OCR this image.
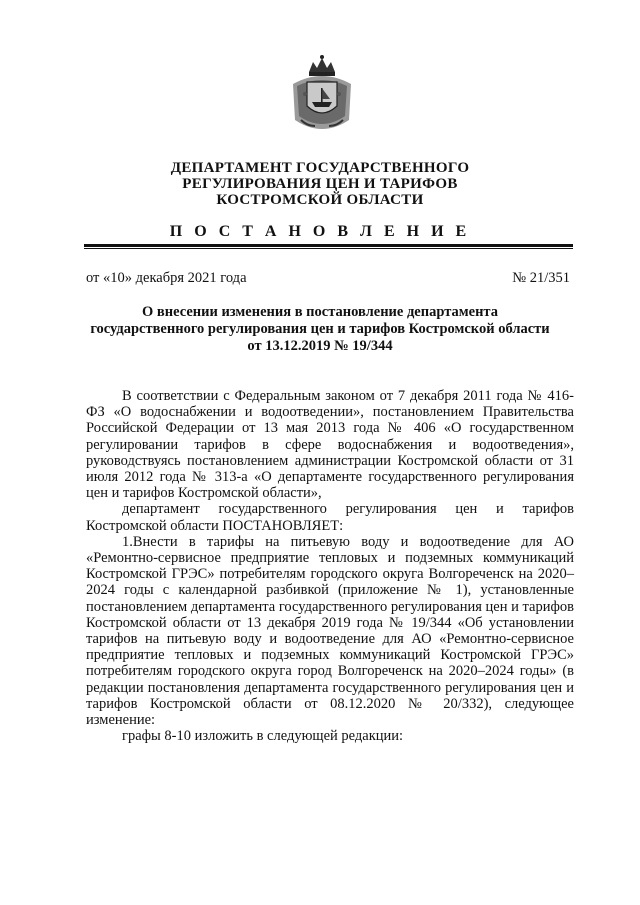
ДЕПАРТАМЕНТ ГОСУДАРСТВЕННОГО
РЕГУЛИРОВАНИЯ ЦЕН И ТАРИФОВ
КОСТРОМСКОЙ ОБЛАСТИ
П О С Т А Н О В Л Е Н И Е
от «10» декабря 2021 года	№ 21/351
О внесении изменения в постановление департамента
государственного регулирования цен и тарифов Костромской области
от 13.12.2019 № 19/344

В соответствии с Федеральным законом от 7 декабря 2011 года № 416-ФЗ «О водоснабжении и водоотведении», постановлением Правительства Российской Федерации от 13 мая 2013 года № 406 «О государственном регулировании тарифов в сфере водоснабжения и водоотведения», руководствуясь постановлением администрации Костромской области от 31 июля 2012 года № 313-а «О департаменте государственного регулирования цен и тарифов Костромской области»,

департамент государственного регулирования цен и тарифов Костромской области ПОСТАНОВЛЯЕТ:

1.Внести в тарифы на питьевую воду и водоотведение для АО «Ремонтно-сервисное предприятие тепловых и подземных коммуникаций Костромской ГРЭС» потребителям городского округа Волгореченск на 2020–2024 годы с календарной разбивкой (приложение № 1), установленные постановлением департамента государственного регулирования цен и тарифов Костромской области от 13 декабря 2019 года № 19/344 «Об установлении тарифов на питьевую воду и водоотведение для АО «Ремонтно-сервисное предприятие тепловых и подземных коммуникаций Костромской ГРЭС» потребителям городского округа город Волгореченск на 2020–2024 годы» (в редакции постановления департамента государственного регулирования цен и тарифов Костромской области от 08.12.2020 № 20/332), следующее изменение:

графы 8-10 изложить в следующей редакции:
